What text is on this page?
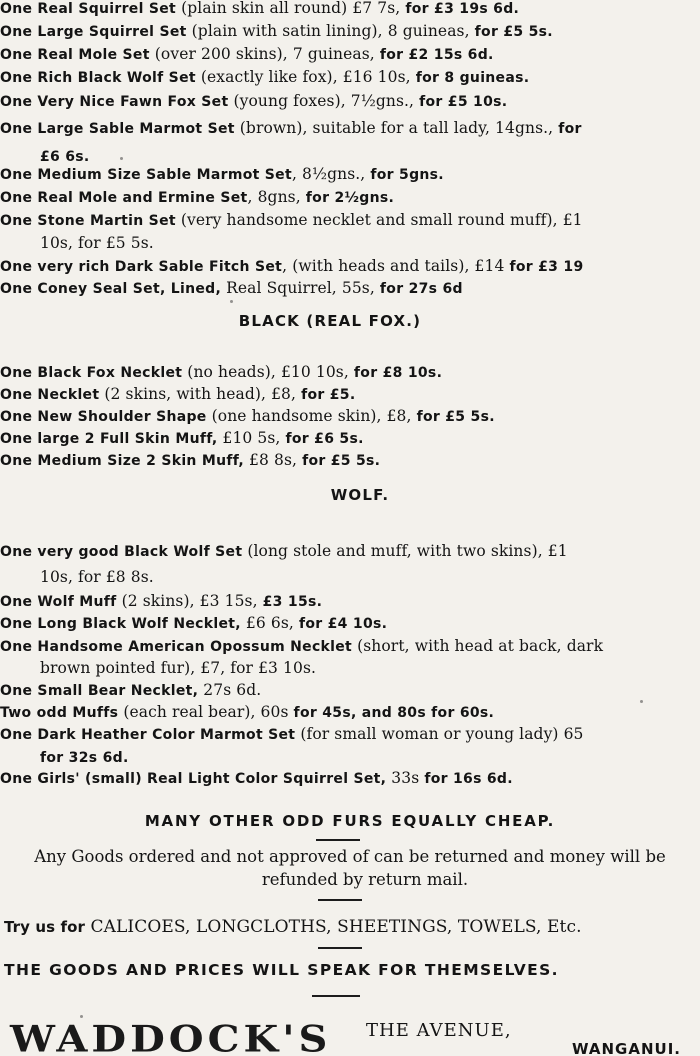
One Real Squirrel Set (plain skin all round) £7 7s, for £3 19s 6d.
One Large Squirrel Set (plain with satin lining), 8 guineas, for £5 5s.
One Real Mole Set (over 200 skins), 7 guineas, for £2 15s 6d.
One Rich Black Wolf Set (exactly like fox), £16 10s, for 8 guineas.
One Very Nice Fawn Fox Set (young foxes), 7½gns., for £5 10s.
One Large Sable Marmot Set (brown), suitable for a tall lady, 14gns., for
£6 6s.
One Medium Size Sable Marmot Set, 8½gns., for 5gns.
One Real Mole and Ermine Set, 8gns, for 2½gns.
One Stone Martin Set (very handsome necklet and small round muff), £1
10s, for £5 5s.
One very rich Dark Sable Fitch Set, (with heads and tails), £14 for £3 19
One Coney Seal Set, Lined, Real Squirrel, 55s, for 27s 6d
BLACK (REAL FOX.)
One Black Fox Necklet (no heads), £10 10s, for £8 10s.
One Necklet (2 skins, with head), £8, for £5.
One New Shoulder Shape (one handsome skin), £8, for £5 5s.
One large 2 Full Skin Muff, £10 5s, for £6 5s.
One Medium Size 2 Skin Muff, £8 8s, for £5 5s.
WOLF.
One very good Black Wolf Set (long stole and muff, with two skins), £1
10s, for £8 8s.
One Wolf Muff (2 skins), £3 15s, £3 15s.
One Long Black Wolf Necklet, £6 6s, for £4 10s.
One Handsome American Opossum Necklet (short, with head at back, dark
brown pointed fur), £7, for £3 10s.
One Small Bear Necklet, 27s 6d.
Two odd Muffs (each real bear), 60s for 45s, and 80s for 60s.
One Dark Heather Color Marmot Set (for small woman or young lady) 65
for 32s 6d.
One Girls' (small) Real Light Color Squirrel Set, 33s for 16s 6d.
MANY OTHER ODD FURS EQUALLY CHEAP.
Any Goods ordered and not approved of can be returned and money will be
refunded by return mail.
Try us for CALICOES, LONGCLOTHS, SHEETINGS, TOWELS, Etc.
THE GOODS AND PRICES WILL SPEAK FOR THEMSELVES.
WADDOCK'S THE AVENUE,
WANGANUI.
